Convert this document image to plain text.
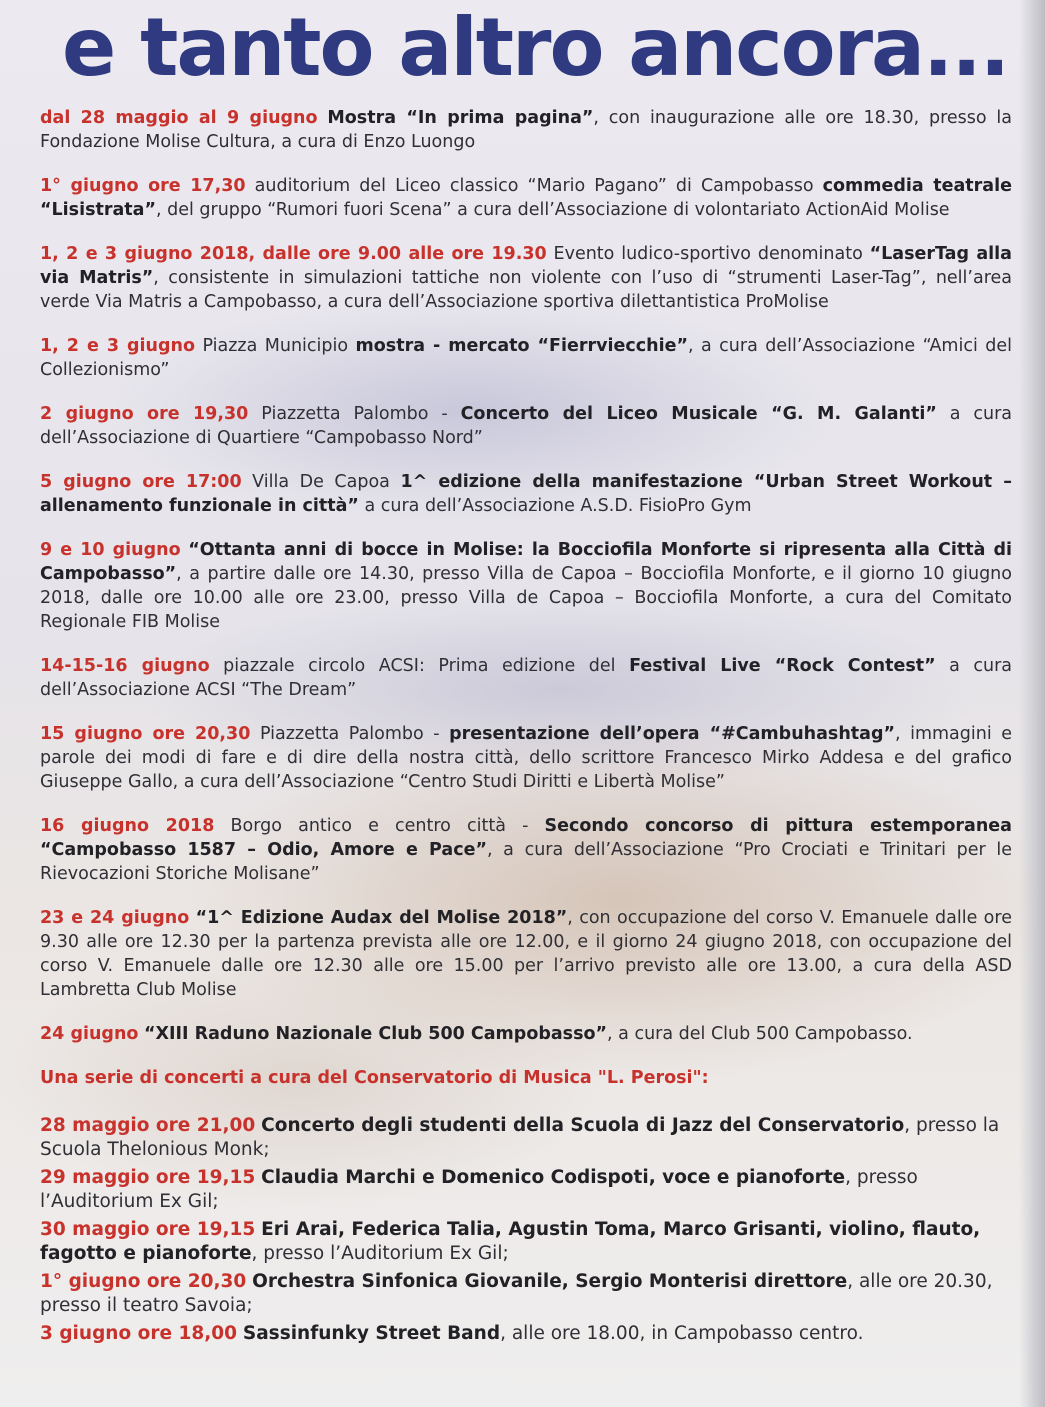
e tanto altro ancora...

dal 28 maggio al 9 giugno Mostra “In prima pagina”, con inaugurazione alle ore 18.30, presso la Fondazione Molise Cultura, a cura di Enzo Luongo

1° giugno ore 17,30 auditorium del Liceo classico “Mario Pagano” di Campobasso commedia teatrale “Lisistrata”, del gruppo “Rumori fuori Scena” a cura dell’Associazione di volontariato ActionAid Molise

1, 2 e 3 giugno 2018, dalle ore 9.00 alle ore 19.30 Evento ludico-sportivo denominato “LaserTag alla via Matris”, consistente in simulazioni tattiche non violente con l’uso di “strumenti Laser-Tag”, nell’area verde Via Matris a Campobasso, a cura dell’Associazione sportiva dilettantistica ProMolise

1, 2 e 3 giugno Piazza Municipio mostra - mercato “Fierrviecchie”, a cura dell’Associazione “Amici del Collezionismo”

2 giugno ore 19,30 Piazzetta Palombo - Concerto del Liceo Musicale “G. M. Galanti” a cura dell’Associazione di Quartiere “Campobasso Nord”

5 giugno ore 17:00 Villa De Capoa 1^ edizione della manifestazione “Urban Street Workout – allenamento funzionale in città” a cura dell’Associazione A.S.D. FisioPro Gym

9 e 10 giugno “Ottanta anni di bocce in Molise: la Bocciofila Monforte si ripresenta alla Città di Campobasso”, a partire dalle ore 14.30, presso Villa de Capoa – Bocciofila Monforte, e il giorno 10 giugno 2018, dalle ore 10.00 alle ore 23.00, presso Villa de Capoa – Bocciofila Monforte, a cura del Comitato Regionale FIB Molise

14-15-16 giugno piazzale circolo ACSI: Prima edizione del Festival Live “Rock Contest” a cura dell’Associazione ACSI “The Dream”

15 giugno ore 20,30 Piazzetta Palombo - presentazione dell’opera “#Cambuhashtag”, immagini e parole dei modi di fare e di dire della nostra città, dello scrittore Francesco Mirko Addesa e del grafico Giuseppe Gallo, a cura dell’Associazione “Centro Studi Diritti e Libertà Molise”

16 giugno 2018 Borgo antico e centro città - Secondo concorso di pittura estemporanea “Campobasso 1587 – Odio, Amore e Pace”, a cura dell’Associazione “Pro Crociati e Trinitari per le Rievocazioni Storiche Molisane”

23 e 24 giugno “1^ Edizione Audax del Molise 2018”, con occupazione del corso V. Emanuele dalle ore 9.30 alle ore 12.30 per la partenza prevista alle ore 12.00, e il giorno 24 giugno 2018, con occupazione del corso V. Emanuele dalle ore 12.30 alle ore 15.00 per l’arrivo previsto alle ore 13.00, a cura della ASD Lambretta Club Molise

24 giugno “XIII Raduno Nazionale Club 500 Campobasso”, a cura del Club 500 Campobasso.

Una serie di concerti a cura del Conservatorio di Musica "L. Perosi":

28 maggio ore 21,00 Concerto degli studenti della Scuola di Jazz del Conservatorio, presso la Scuola Thelonious Monk;

29 maggio ore 19,15 Claudia Marchi e Domenico Codispoti, voce e pianoforte, presso l’Auditorium Ex Gil;

30 maggio ore 19,15 Eri Arai, Federica Talia, Agustin Toma, Marco Grisanti, violino, flauto, fagotto e pianoforte, presso l’Auditorium Ex Gil;

1° giugno ore 20,30 Orchestra Sinfonica Giovanile, Sergio Monterisi direttore, alle ore 20.30, presso il teatro Savoia;

3 giugno ore 18,00 Sassinfunky Street Band, alle ore 18.00, in Campobasso centro.
